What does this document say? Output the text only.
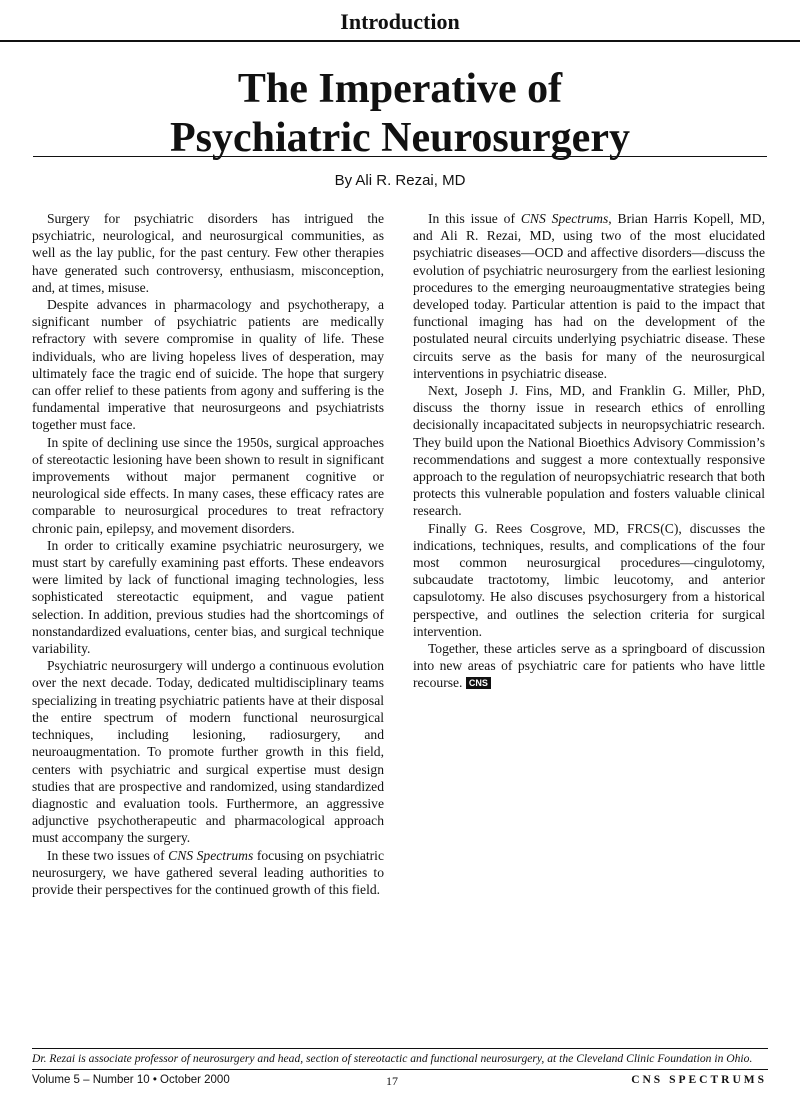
Introduction
The Imperative of
Psychiatric Neurosurgery
By Ali R. Rezai, MD

Surgery for psychiatric disorders has intrigued the psychiatric, neurological, and neurosurgical communities, as well as the lay public, for the past century. Few other therapies have generated such controversy, enthusiasm, misconception, and, at times, misuse.

Despite advances in pharmacology and psychotherapy, a significant number of psychiatric patients are medically refractory with severe compromise in quality of life. These individuals, who are living hopeless lives of desperation, may ultimately face the tragic end of suicide. The hope that surgery can offer relief to these patients from agony and suffering is the fundamental imperative that neurosurgeons and psychiatrists together must face.

In spite of declining use since the 1950s, surgical approaches of stereotactic lesioning have been shown to result in significant improvements without major permanent cognitive or neurological side effects. In many cases, these efficacy rates are comparable to neurosurgical procedures to treat refractory chronic pain, epilepsy, and movement disorders.

In order to critically examine psychiatric neurosurgery, we must start by carefully examining past efforts. These endeavors were limited by lack of functional imaging technologies, less sophisticated stereotactic equipment, and vague patient selection. In addition, previous studies had the shortcomings of nonstandardized evaluations, center bias, and surgical technique variability.

Psychiatric neurosurgery will undergo a continuous evolution over the next decade. Today, dedicated multidisciplinary teams specializing in treating psychiatric patients have at their disposal the entire spectrum of modern functional neurosurgical techniques, including lesioning, radiosurgery, and neuroaugmentation. To promote further growth in this field, centers with psychiatric and surgical expertise must design studies that are prospective and randomized, using standardized diagnostic and evaluation tools. Furthermore, an aggressive adjunctive psychotherapeutic and pharmacological approach must accompany the surgery.

In these two issues of CNS Spectrums focusing on psychiatric neurosurgery, we have gathered several leading authorities to provide their perspectives for the continued growth of this field.

In this issue of CNS Spectrums, Brian Harris Kopell, MD, and Ali R. Rezai, MD, using two of the most elucidated psychiatric diseases—OCD and affective disorders—discuss the evolution of psychiatric neurosurgery from the earliest lesioning procedures to the emerging neuroaugmentative strategies being developed today. Particular attention is paid to the impact that functional imaging has had on the development of the postulated neural circuits underlying psychiatric disease. These circuits serve as the basis for many of the neurosurgical interventions in psychiatric disease.

Next, Joseph J. Fins, MD, and Franklin G. Miller, PhD, discuss the thorny issue in research ethics of enrolling decisionally incapacitated subjects in neuropsychiatric research. They build upon the National Bioethics Advisory Commission’s recommendations and suggest a more contextually responsive approach to the regulation of neuropsychiatric research that both protects this vulnerable population and fosters valuable clinical research.

Finally G. Rees Cosgrove, MD, FRCS(C), discusses the indications, techniques, results, and complications of the four most common neurosurgical procedures—cingulotomy, subcaudate tractotomy, limbic leucotomy, and anterior capsulotomy. He also discuses psychosurgery from a historical perspective, and outlines the selection criteria for surgical intervention.

Together, these articles serve as a springboard of discussion into new areas of psychiatric care for patients who have little recourse. CNS

Dr. Rezai is associate professor of neurosurgery and head, section of stereotactic and functional neurosurgery, at the Cleveland Clinic Foundation in Ohio.
Volume 5 – Number 10 • October 2000	17	CNS SPECTRUMS
